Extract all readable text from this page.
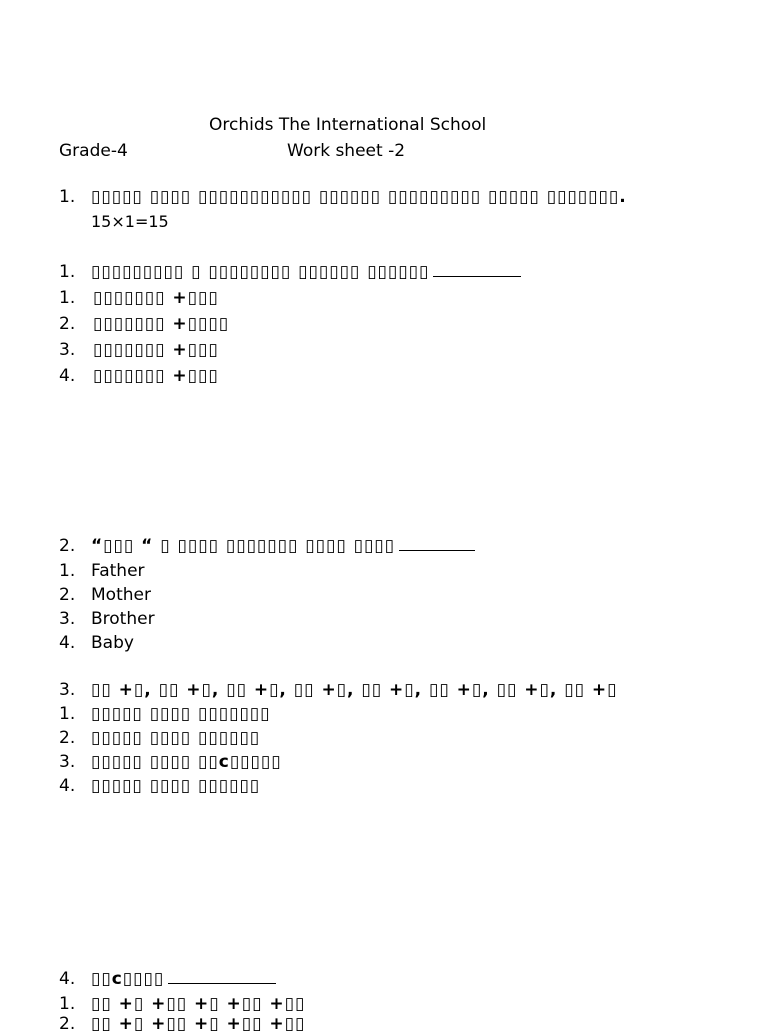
Orchids The International School
Grade-4	Work sheet -2
1. ▯▯▯▯▯ ▯▯▯▯ ▯▯▯▯▯▯▯▯▯▯▯ ▯▯▯▯▯▯ ▯▯▯▯▯▯▯▯▯ ▯▯▯▯▯ ▯▯▯▯▯▯▯.
15×1=15
1. ▯▯▯▯▯▯▯▯▯ ▯ ▯▯▯▯▯▯▯▯ ▯▯▯▯▯▯ ▯▯▯▯▯▯
1.	▯▯▯▯▯▯▯ +▯▯▯
2.	▯▯▯▯▯▯▯ +▯▯▯▯
3.	▯▯▯▯▯▯▯ +▯▯▯
4.	▯▯▯▯▯▯▯ +▯▯▯
2. “▯▯▯ “ ▯ ▯▯▯▯ ▯▯▯▯▯▯▯ ▯▯▯▯ ▯▯▯▯
1. Father
2. Mother
3. Brother
4. Baby
3. ▯▯ +▯, ▯▯ +▯, ▯▯ +▯, ▯▯ +▯, ▯▯ +▯, ▯▯ +▯, ▯▯ +▯, ▯▯ +▯
1. ▯▯▯▯▯ ▯▯▯▯ ▯▯▯▯▯▯▯
2. ▯▯▯▯▯ ▯▯▯▯ ▯▯▯▯▯▯
3. ▯▯▯▯▯ ▯▯▯▯ ▯▯c▯▯▯▯▯
4. ▯▯▯▯▯ ▯▯▯▯ ▯▯▯▯▯▯
4. ▯▯c▯▯▯▯
1. ▯▯ +▯ +▯▯ +▯ +▯▯ +▯▯
2. ▯▯ +▯ +▯▯ +▯ +▯▯ +▯▯
